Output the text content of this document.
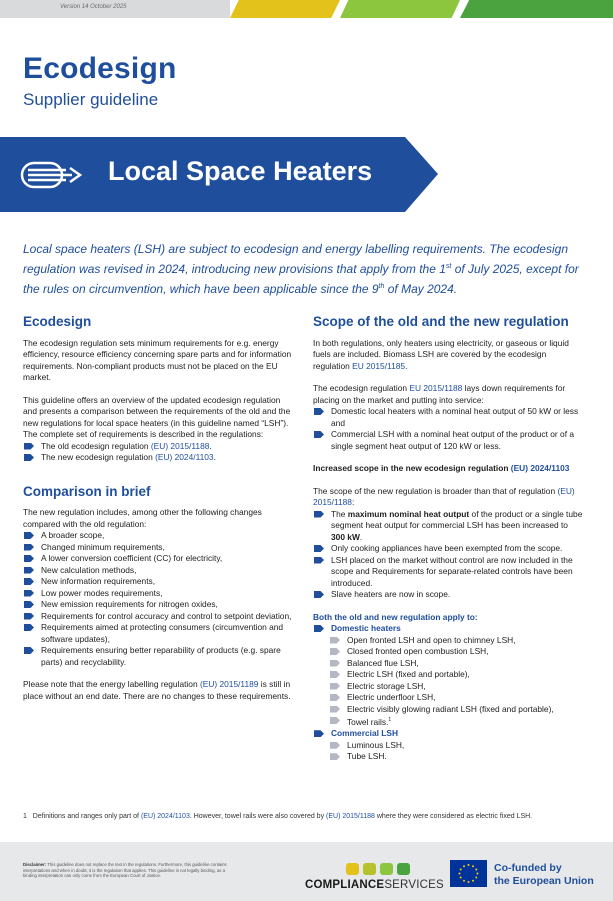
Version 14 October 2025
Ecodesign
Supplier guideline
Local Space Heaters
Local space heaters (LSH) are subject to ecodesign and energy labelling requirements. The ecodesign regulation was revised in 2024, introducing new provisions that apply from the 1st of July 2025, except for the rules on circumvention, which have been applicable since the 9th of May 2024.
Ecodesign

The ecodesign regulation sets minimum requirements for e.g. energy efficiency, resource efficiency concerning spare parts and for information requirements. Non-compliant products must not be placed on the EU market.

This guideline offers an overview of the updated ecodesign regulation and presents a comparison between the requirements of the old and the new regulations for local space heaters (in this guideline named “LSH”). The complete set of requirements is described in the regulations:

The old ecodesign regulation (EU) 2015/1188.
The new ecodesign regulation (EU) 2024/1103.
Comparison in brief

The new regulation includes, among other the following changes compared with the old regulation:

A broader scope,
Changed minimum requirements,
A lower conversion coefficient (CC) for electricity,
New calculation methods,
New information requirements,
Low power modes requirements,
New emission requirements for nitrogen oxides,
Requirements for control accuracy and control to setpoint deviation,
Requirements aimed at protecting consumers (circumvention and software updates),
Requirements ensuring better reparability of products (e.g. spare parts) and recyclability.

Please note that the energy labelling regulation (EU) 2015/1189 is still in place without an end date. There are no changes to these requirements.

Scope of the old and the new regulation

In both regulations, only heaters using electricity, or gaseous or liquid fuels are included. Biomass LSH are covered by the ecodesign regulation EU 2015/1185.

The ecodesign regulation EU 2015/1188 lays down requirements for placing on the market and putting into service:

Domestic local heaters with a nominal heat output of 50 kW or less and
Commercial LSH with a nominal heat output of the product or of a single segment heat output of 120 kW or less.
Increased scope in the new ecodesign regulation (EU) 2024/1103

The scope of the new regulation is broader than that of regulation (EU) 2015/1188:

The maximum nominal heat output of the product or a single tube segment heat output for commercial LSH has been increased to 300 kW.
Only cooking appliances have been exempted from the scope.
LSH placed on the market without control are now included in the scope and Requirements for separate-related controls have been introduced.
Slave heaters are now in scope.
Both the old and new regulation apply to:
Domestic heaters
Open fronted LSH and open to chimney LSH,
Closed fronted open combustion LSH,
Balanced flue LSH,
Electric LSH (fixed and portable),
Electric storage LSH,
Electric underfloor LSH,
Electric visibly glowing radiant LSH (fixed and portable),
Towel rails.$^1$
Commercial LSH
Luminous LSH,
Tube LSH.
1 Definitions and ranges only part of (EU) 2024/1103. However, towel rails were also covered by (EU) 2015/1188 where they were considered as electric fixed LSH.
Disclaimer: This guideline does not replace the text in the regulations. Furthermore, this guideline contains interpretations and when in doubt, it is the regulation that applies. This guideline is not legally binding, as a binding interpretation can only come from the European Court of Justice.
COMPLIANCESERVICES
Co-funded by
the European Union
